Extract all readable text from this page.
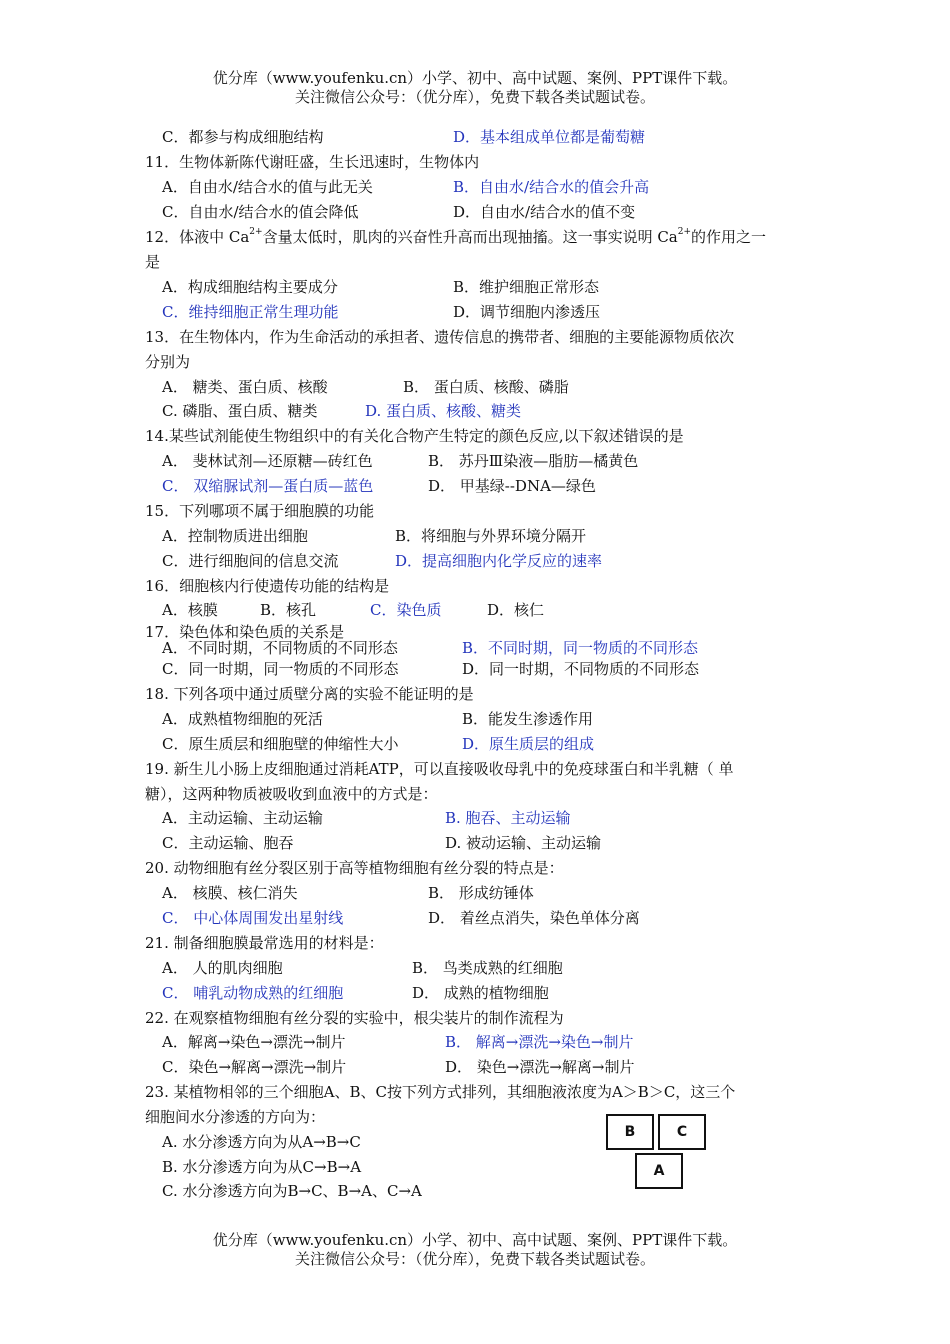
优分库（www.youfenku.cn）小学、初中、高中试题、案例、PPT课件下载。
关注微信公众号：（优分库），免费下载各类试题试卷。
C．都参与构成细胞结构	D．基本组成单位都是葡萄糖
11．生物体新陈代谢旺盛，生长迅速时，生物体内
A．自由水/结合水的值与此无关	B．自由水/结合水的值会升高
C．自由水/结合水的值会降低	D．自由水/结合水的值不变
12．体液中 $Ca^{2+}$含量太低时，肌肉的兴奋性升高而出现抽搐。这一事实说明 $Ca^{2+}$的作用之一
是
A．构成细胞结构主要成分	B．维护细胞正常形态
C．维持细胞正常生理功能	D．调节细胞内渗透压
13．在生物体内，作为生命活动的承担者、遗传信息的携带者、细胞的主要能源物质依次
分别为
A． 糖类、蛋白质、核酸	B． 蛋白质、核酸、磷脂
C. 磷脂、蛋白质、糖类	D. 蛋白质、核酸、糖类
14.某些试剂能使生物组织中的有关化合物产生特定的颜色反应,以下叙述错误的是
A． 斐林试剂—还原糖—砖红色	B． 苏丹Ⅲ染液—脂肪—橘黄色
C． 双缩脲试剂—蛋白质—蓝色	D． 甲基绿--DNA—绿色
15．下列哪项不属于细胞膜的功能
A．控制物质进出细胞	B．将细胞与外界环境分隔开
C．进行细胞间的信息交流	D．提高细胞内化学反应的速率
16．细胞核内行使遗传功能的结构是
A．核膜	B．核孔	C．染色质	D．核仁
17．染色体和染色质的关系是
A．不同时期，不同物质的不同形态	B．不同时期，同一物质的不同形态
C．同一时期，同一物质的不同形态	D．同一时期，不同物质的不同形态
18. 下列各项中通过质壁分离的实验不能证明的是
A．成熟植物细胞的死活	B．能发生渗透作用
C．原生质层和细胞壁的伸缩性大小	D．原生质层的组成
19. 新生儿小肠上皮细胞通过消耗ATP，可以直接吸收母乳中的免疫球蛋白和半乳糖（ 单
糖），这两种物质被吸收到血液中的方式是：
A．主动运输、主动运输	B. 胞吞、主动运输
C．主动运输、胞吞	D. 被动运输、主动运输
20. 动物细胞有丝分裂区别于高等植物细胞有丝分裂的特点是：
A． 核膜、核仁消失	B． 形成纺锤体
C． 中心体周围发出星射线	D． 着丝点消失，染色单体分离
21. 制备细胞膜最常选用的材料是：
A． 人的肌肉细胞	B． 鸟类成熟的红细胞
C． 哺乳动物成熟的红细胞	D． 成熟的植物细胞
22. 在观察植物细胞有丝分裂的实验中，根尖装片的制作流程为
A．解离→染色→漂洗→制片	B． 解离→漂洗→染色→制片
C．染色→解离→漂洗→制片	D． 染色→漂洗→解离→制片
23. 某植物相邻的三个细胞A、B、C按下列方式排列，其细胞液浓度为A＞B＞C，这三个
细胞间水分渗透的方向为：
A. 水分渗透方向为从A→B→C
B. 水分渗透方向为从C→B→A
C. 水分渗透方向为B→C、B→A、C→A
B	C
A
优分库（www.youfenku.cn）小学、初中、高中试题、案例、PPT课件下载。
关注微信公众号：（优分库），免费下载各类试题试卷。
